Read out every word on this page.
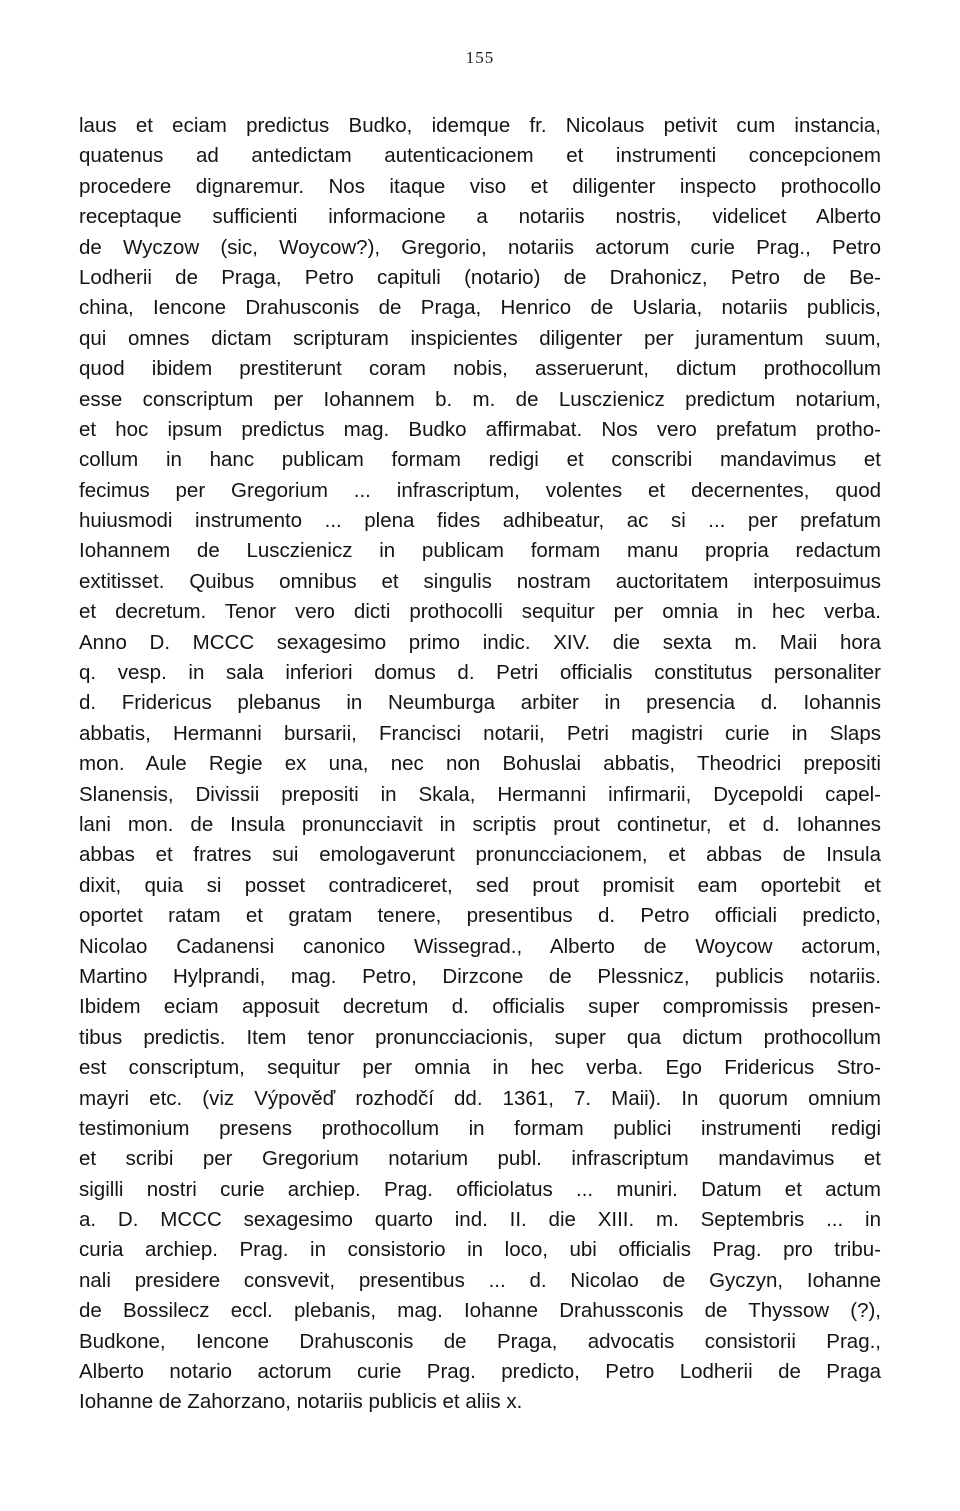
155
laus et eciam predictus Budko, idemque fr. Nicolaus petivit cum instancia,
quatenus ad antedictam autenticacionem et instrumenti concepcionem
procedere dignaremur. Nos itaque viso et diligenter inspecto prothocollo
receptaque sufficienti informacione a notariis nostris, videlicet Alberto
de Wyczow (sic, Woycow?), Gregorio, notariis actorum curie Prag., Petro
Lodherii de Praga, Petro capituli (notario) de Drahonicz, Petro de Be-
china, Iencone Drahusconis de Praga, Henrico de Uslaria, notariis publicis,
qui omnes dictam scripturam inspicientes diligenter per juramentum suum,
quod ibidem prestiterunt coram nobis, asseruerunt, dictum prothocollum
esse conscriptum per Iohannem b. m. de Lusczienicz predictum notarium,
et hoc ipsum predictus mag. Budko affirmabat. Nos vero prefatum protho-
collum in hanc publicam formam redigi et conscribi mandavimus et
fecimus per Gregorium ... infrascriptum, volentes et decernentes, quod
huiusmodi instrumento ... plena fides adhibeatur, ac si ... per prefatum
Iohannem de Lusczienicz in publicam formam manu propria redactum
extitisset. Quibus omnibus et singulis nostram auctoritatem interposuimus
et decretum. Tenor vero dicti prothocolli sequitur per omnia in hec verba.
Anno D. MCCC sexagesimo primo indic. XIV. die sexta m. Maii hora
q. vesp. in sala inferiori domus d. Petri officialis constitutus personaliter
d. Fridericus plebanus in Neumburga arbiter in presencia d. Iohannis
abbatis, Hermanni bursarii, Francisci notarii, Petri magistri curie in Slaps
mon. Aule Regie ex una, nec non Bohuslai abbatis, Theodrici prepositi
Slanensis, Divissii prepositi in Skala, Hermanni infirmarii, Dycepoldi capel-
lani mon. de Insula pronuncciavit in scriptis prout continetur, et d. Iohannes
abbas et fratres sui emologaverunt pronuncciacionem, et abbas de Insula
dixit, quia si posset contradiceret, sed prout promisit eam oportebit et
oportet ratam et gratam tenere, presentibus d. Petro officiali predicto,
Nicolao Cadanensi canonico Wissegrad., Alberto de Woycow actorum,
Martino Hylprandi, mag. Petro, Dirzcone de Plessnicz, publicis notariis.
Ibidem eciam apposuit decretum d. officialis super compromissis presen-
tibus predictis. Item tenor pronuncciacionis, super qua dictum prothocollum
est conscriptum, sequitur per omnia in hec verba. Ego Fridericus Stro-
mayri etc. (viz Výpověď rozhodčí dd. 1361, 7. Maii). In quorum omnium
testimonium presens prothocollum in formam publici instrumenti redigi
et scribi per Gregorium notarium publ. infrascriptum mandavimus et
sigilli nostri curie archiep. Prag. officiolatus ... muniri. Datum et actum
a. D. MCCC sexagesimo quarto ind. II. die XIII. m. Septembris ... in
curia archiep. Prag. in consistorio in loco, ubi officialis Prag. pro tribu-
nali presidere consvevit, presentibus ... d. Nicolao de Gyczyn, Iohanne
de Bossilecz eccl. plebanis, mag. Iohanne Drahussconis de Thyssow (?),
Budkone, Iencone Drahusconis de Praga, advocatis consistorii Prag.,
Alberto notario actorum curie Prag. predicto, Petro Lodherii de Praga
Iohanne de Zahorzano, notariis publicis et aliis x.
